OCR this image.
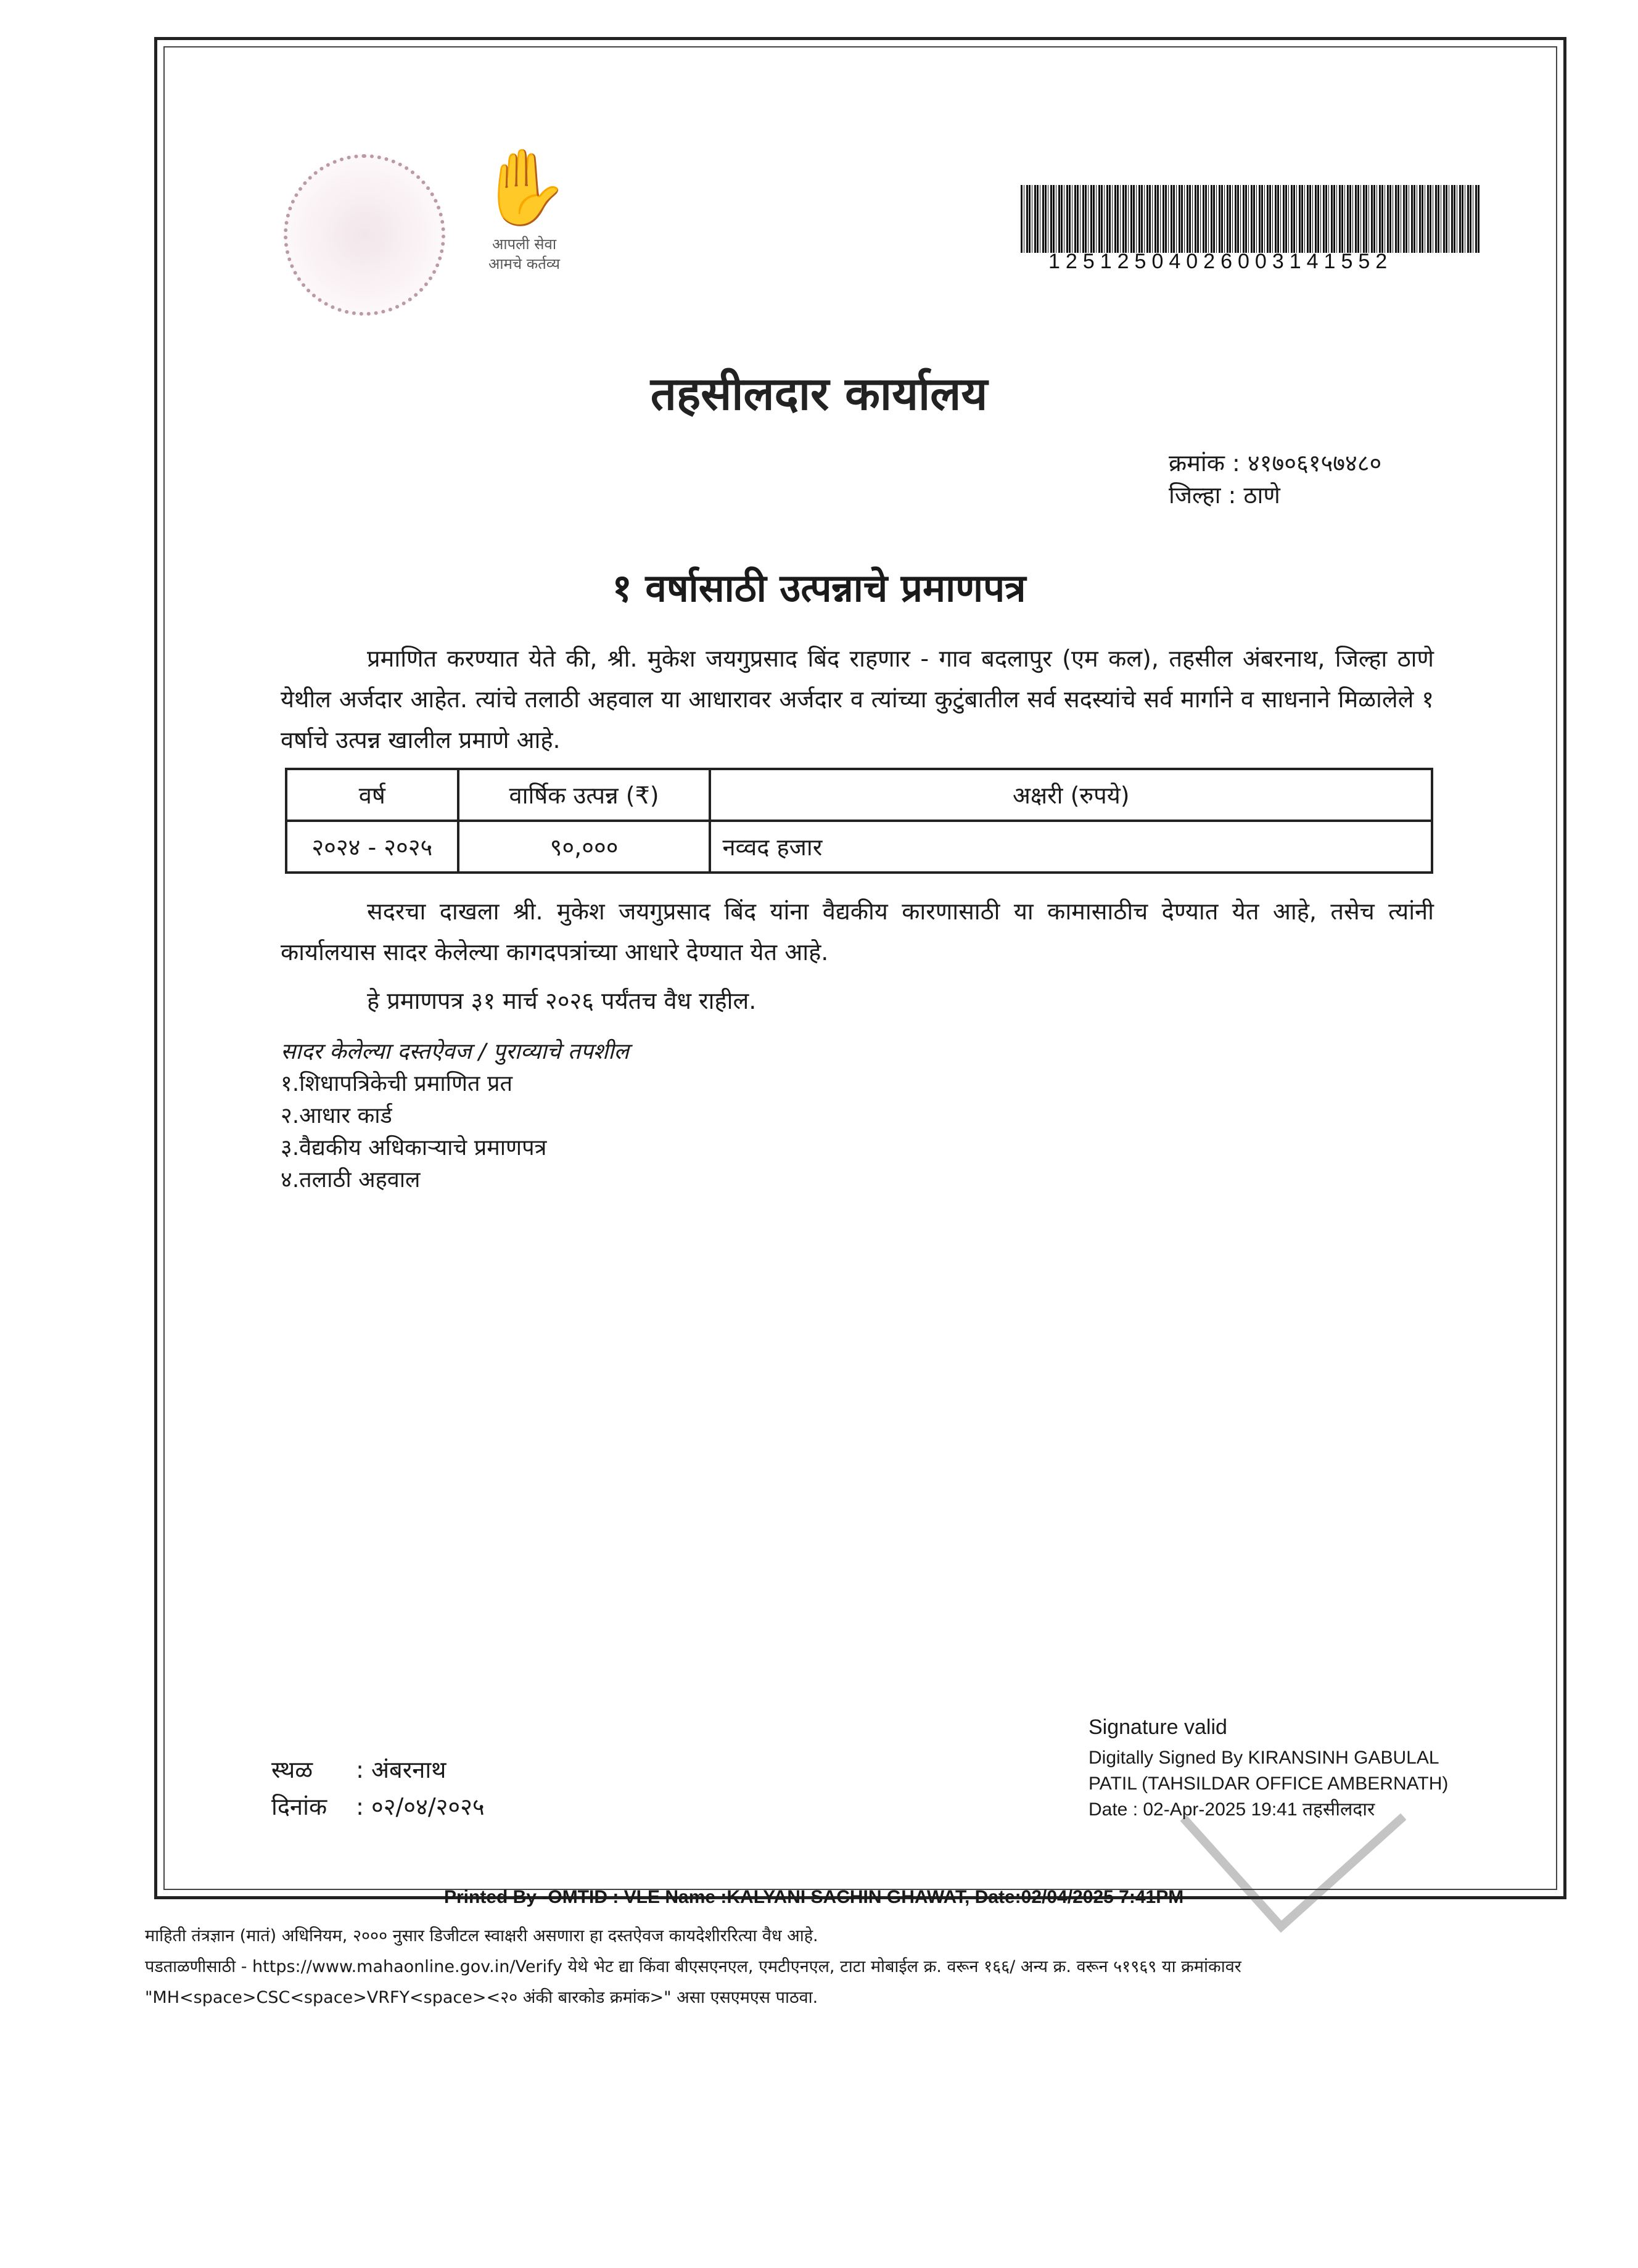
✋
आपली सेवा
आमचे कर्तव्य	12512504026003141552
तहसीलदार कार्यालय
क्रमांक : ४१७०६१५७४८०
जिल्हा : ठाणे
१ वर्षासाठी उत्पन्नाचे प्रमाणपत्र
प्रमाणित करण्यात येते की, श्री. मुकेश जयगुप्रसाद बिंद राहणार - गाव बदलापुर (एम कल), तहसील अंबरनाथ, जिल्हा ठाणे येथील अर्जदार आहेत. त्यांचे तलाठी अहवाल या आधारावर अर्जदार व त्यांच्या कुटुंबातील सर्व सदस्यांचे सर्व मार्गाने व साधनाने मिळालेले १ वर्षाचे उत्पन्न खालील प्रमाणे आहे.
वर्ष	वार्षिक उत्पन्न (₹)	अक्षरी (रुपये)
२०२४ - २०२५	९०,०००	नव्वद हजार
सदरचा दाखला श्री. मुकेश जयगुप्रसाद बिंद यांना वैद्यकीय कारणासाठी या कामासाठीच देण्यात येत आहे, तसेच त्यांनी कार्यालयास सादर केलेल्या कागदपत्रांच्या आधारे देण्यात येत आहे.
हे प्रमाणपत्र ३१ मार्च २०२६ पर्यंतच वैध राहील.
सादर केलेल्या दस्तऐवज / पुराव्याचे तपशील
१.शिधापत्रिकेची प्रमाणित प्रत
२.आधार कार्ड
३.वैद्यकीय अधिकाऱ्याचे प्रमाणपत्र
४.तलाठी अहवाल
स्थळ : अंबरनाथ
दिनांक : ०२/०४/२०२५
Signature valid
Digitally Signed By KIRANSINH GABULAL
PATIL (TAHSILDAR OFFICE AMBERNATH)
Date : 02-Apr-2025 19:41 तहसीलदार
Printed By -OMTID : VLE Name :KALYANI SACHIN GHAWAT, Date:02/04/2025 7:41PM
माहिती तंत्रज्ञान (मातं) अधिनियम, २००० नुसार डिजीटल स्वाक्षरी असणारा हा दस्तऐवज कायदेशीररित्या वैध आहे.
पडताळणीसाठी - https://www.mahaonline.gov.in/Verify येथे भेट द्या किंवा बीएसएनएल, एमटीएनएल, टाटा मोबाईल क्र. वरून १६६/ अन्य क्र. वरून ५१९६९ या क्रमांकावर
"MH<space>CSC<space>VRFY<space><२० अंकी बारकोड क्रमांक>" असा एसएमएस पाठवा.
